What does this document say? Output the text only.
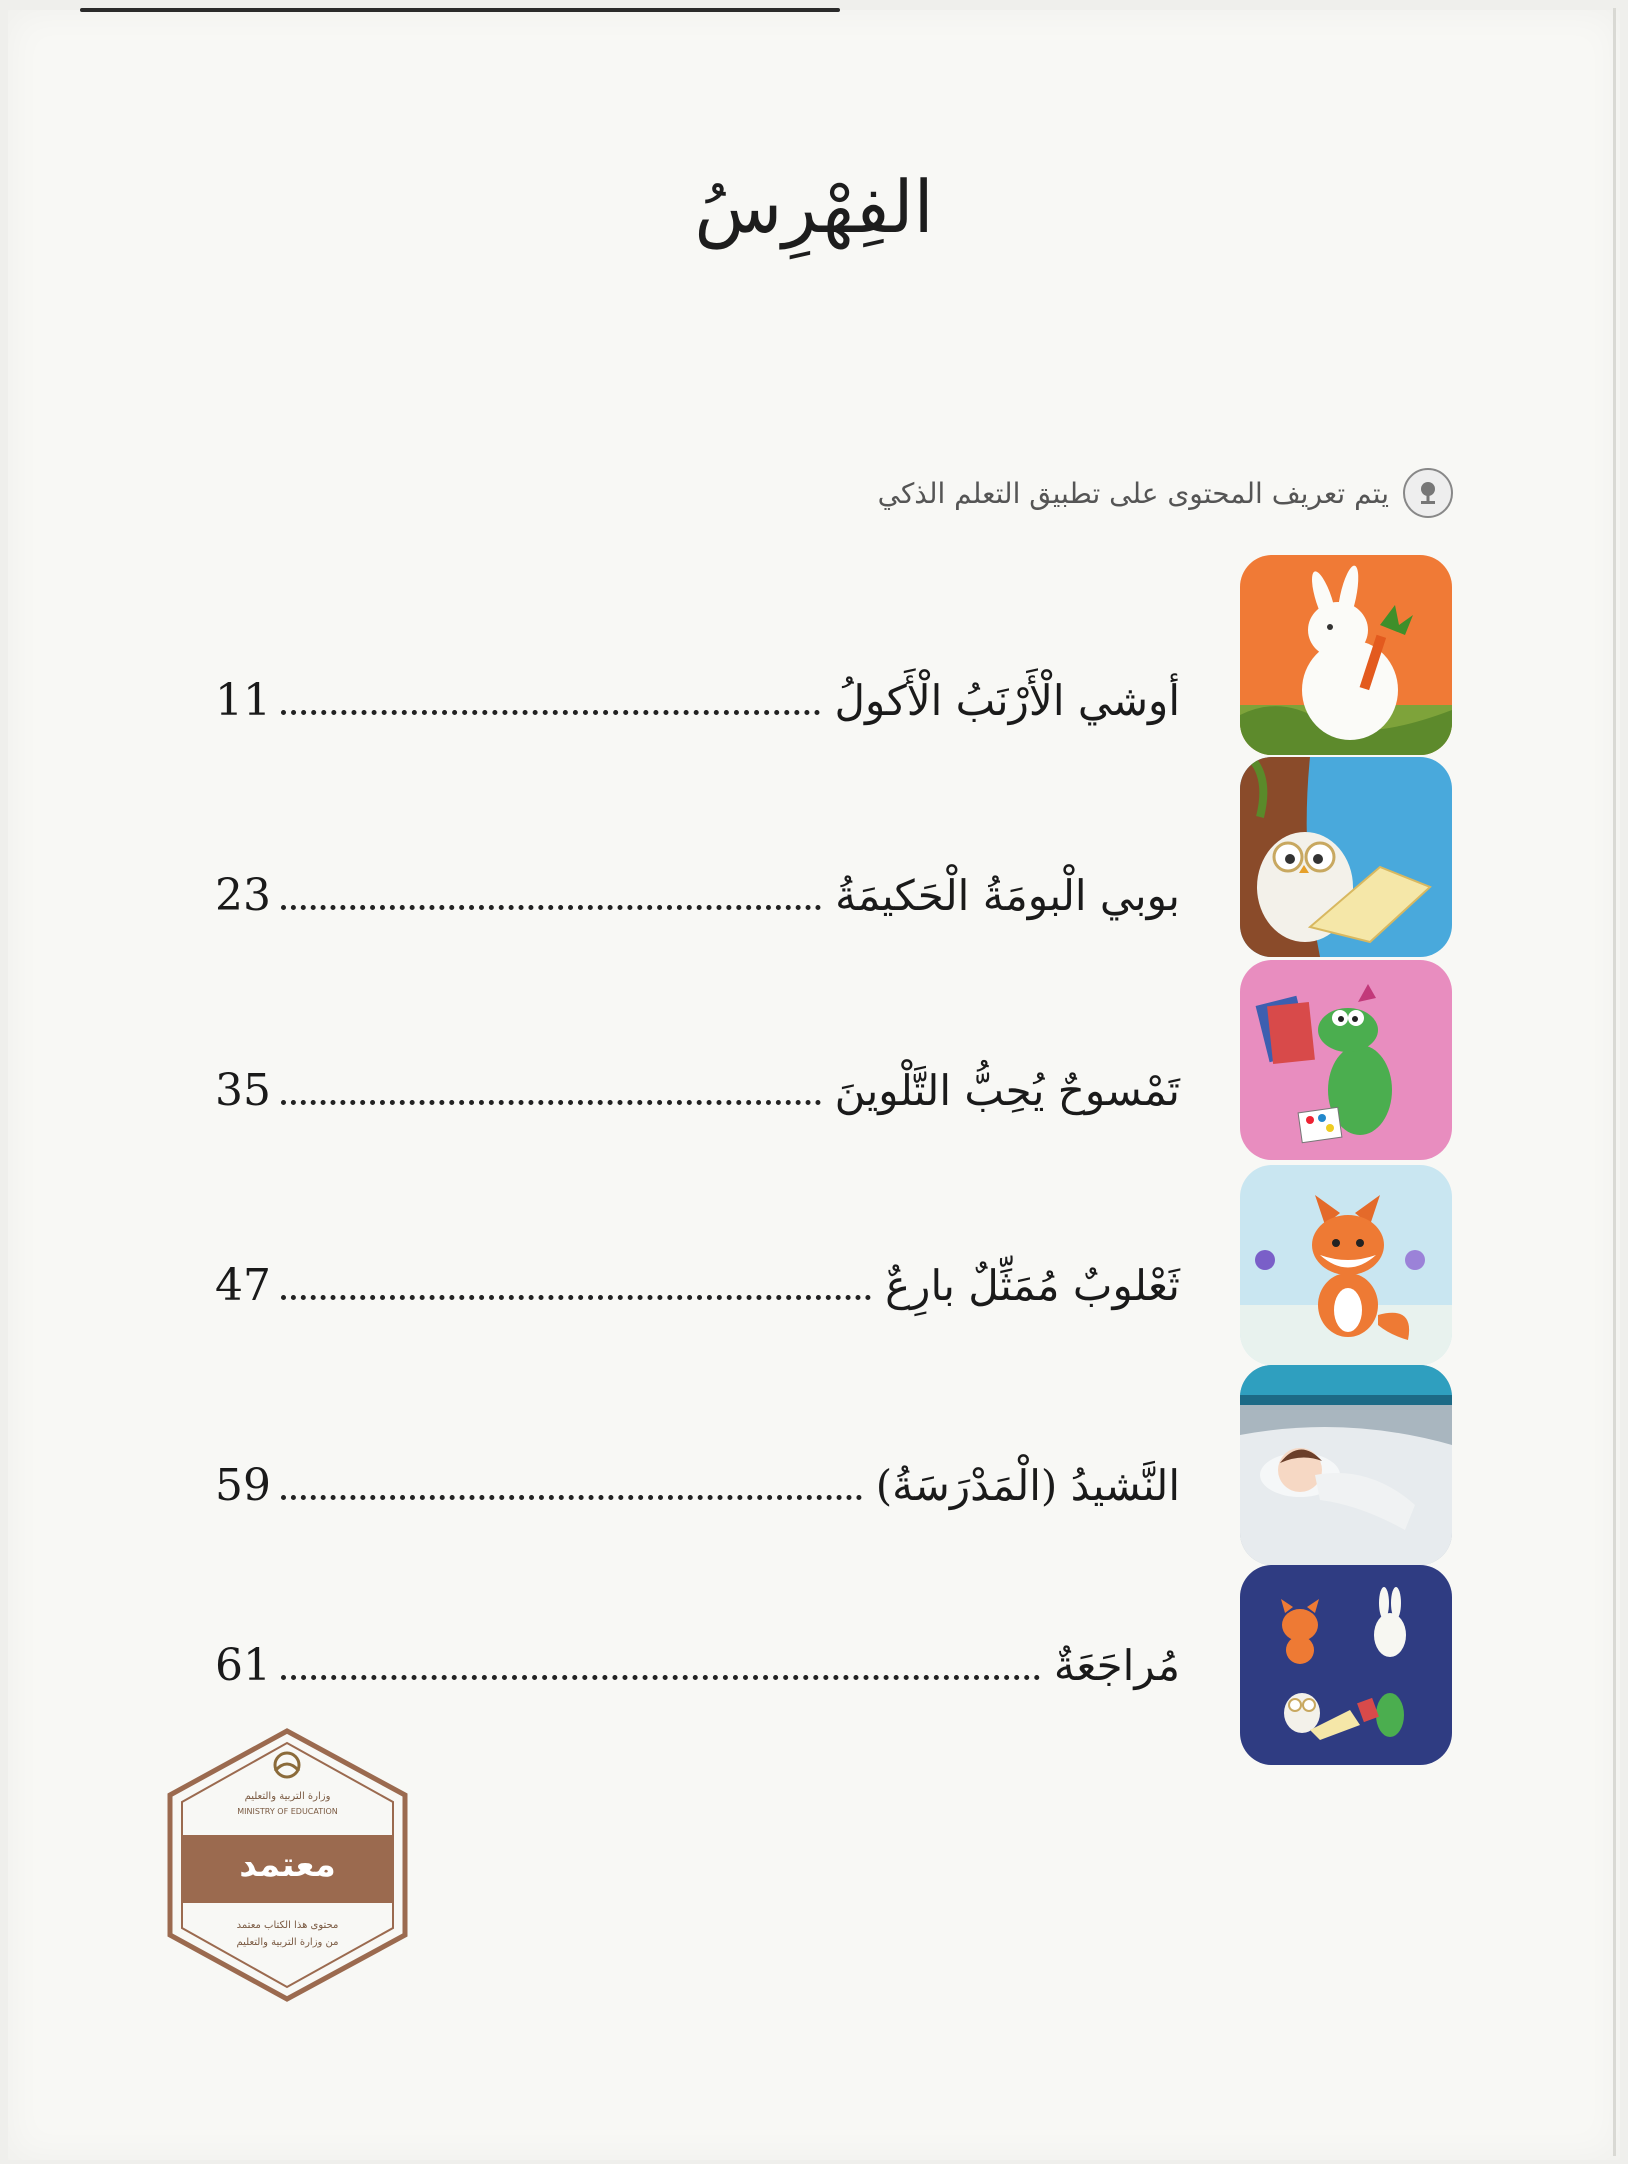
الفِهْرِسُ
يتم تعريف المحتوى على تطبيق التعلم الذكي
أوشي الْأَرْنَبُ الْأَكولُ
11
بوبي الْبومَةُ الْحَكيمَةُ
23
تَمْسوحٌ يُحِبُّ التَّلْوينَ
35
ثَعْلوبٌ مُمَثِّلٌ بارِعٌ
47
النَّشيدُ (الْمَدْرَسَةُ)
59
مُراجَعَةٌ
61
وزارة التربية والتعليم
MINISTRY OF EDUCATION
معتمد
محتوى هذا الكتاب معتمد
من وزارة التربية والتعليم
